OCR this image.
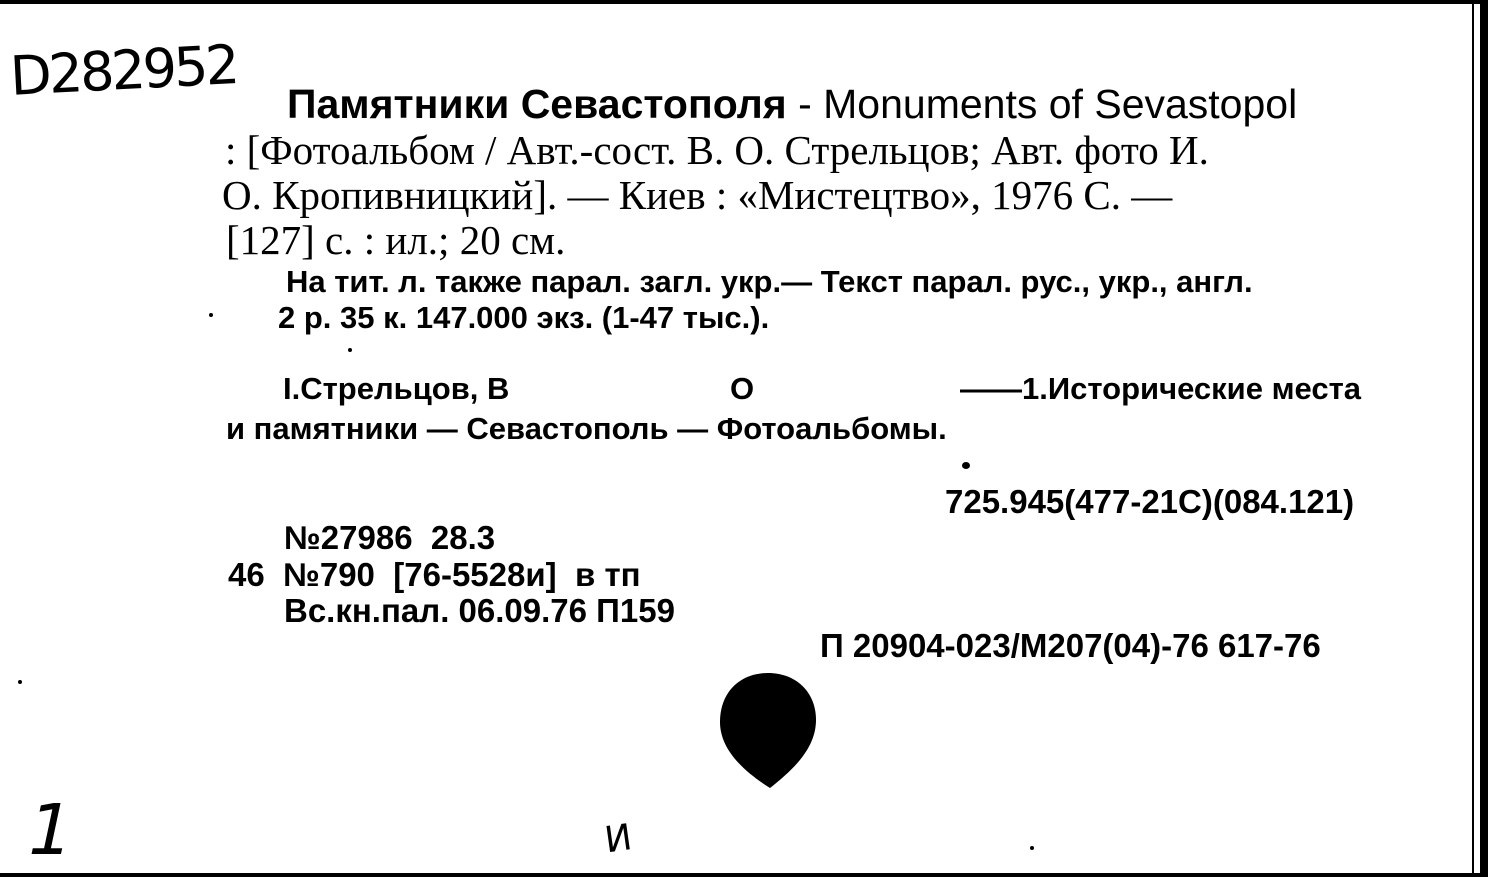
D282952 Памятники Севастополя - Monuments of Sevastopol
: [Фотоальбом / Авт.-сост. В. О. Стрельцов; Авт. фото И.
О. Кропивницкий]. — Киев : «Мистецтво», 1976 С. —
[127] с. : ил.; 20 см.
На тит. л. также парал. загл. укр.— Текст парал. рус., укр., англ.
2 р. 35 к. 147.000 экз. (1-47 тыс.).
I.Стрельцов, В	О	——1.Исторические места
и памятники — Севастополь — Фотоальбомы.
725.945(477-21С)(084.121)
№27986 28.3
46 №790 [76-5528и] в тп
Вс.кн.пал. 06.09.76 П159
П 20904-023/М207(04)-76 617-76
1	И
